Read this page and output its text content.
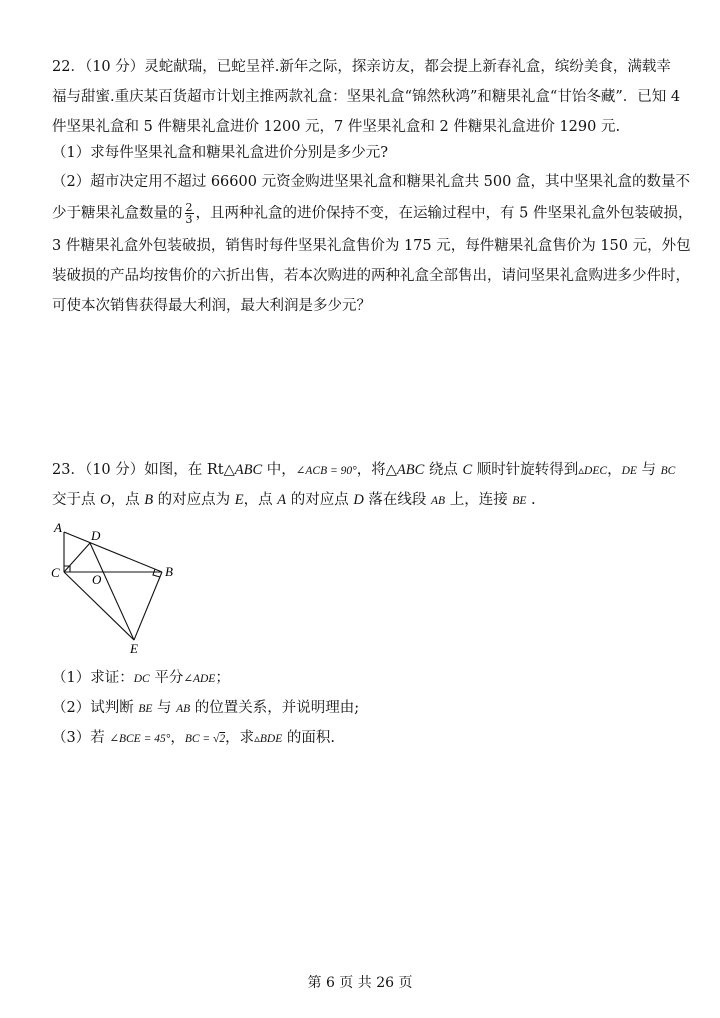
22．（10 分）灵蛇献瑞，已蛇呈祥.新年之际，探亲访友，都会提上新春礼盒，缤纷美食，满载幸
福与甜蜜.重庆某百货超市计划主推两款礼盒：坚果礼盒“锦然秋鸿”和糖果礼盒“甘饴冬藏”．已知 4
件坚果礼盒和 5 件糖果礼盒进价 1200 元，7 件坚果礼盒和 2 件糖果礼盒进价 1290 元.
（1）求每件坚果礼盒和糖果礼盒进价分别是多少元?
（2）超市决定用不超过 66600 元资金购进坚果礼盒和糖果礼盒共 500 盒，其中坚果礼盒的数量不
少于糖果礼盒数量的 $\frac{2}{3}$ ，且两种礼盒的进价保持不变，在运输过程中，有 5 件坚果礼盒外包装破损，
3 件糖果礼盒外包装破损，销售时每件坚果礼盒售价为 175 元，每件糖果礼盒售价为 150 元，外包
装破损的产品均按售价的六折出售，若本次购进的两种礼盒全部售出，请问坚果礼盒购进多少件时，
可使本次销售获得最大利润，最大利润是多少元？
23．（10 分）如图，在 Rt△ABC 中，∠ACB = 90°，将△ABC 绕点 C 顺时针旋转得到▵DEC，DE 与 BC
交于点 O，点 B 的对应点为 E，点 A 的对应点 D 落在线段 AB 上，连接 BE .
A
D
C O
B
E
（1）求证：DC 平分∠ADE；
（2）试判断 BE 与 AB 的位置关系，并说明理由;
（3）若 ∠BCE = 45°，BC = √2，求▵BDE 的面积.
第 6 页 共 26 页
